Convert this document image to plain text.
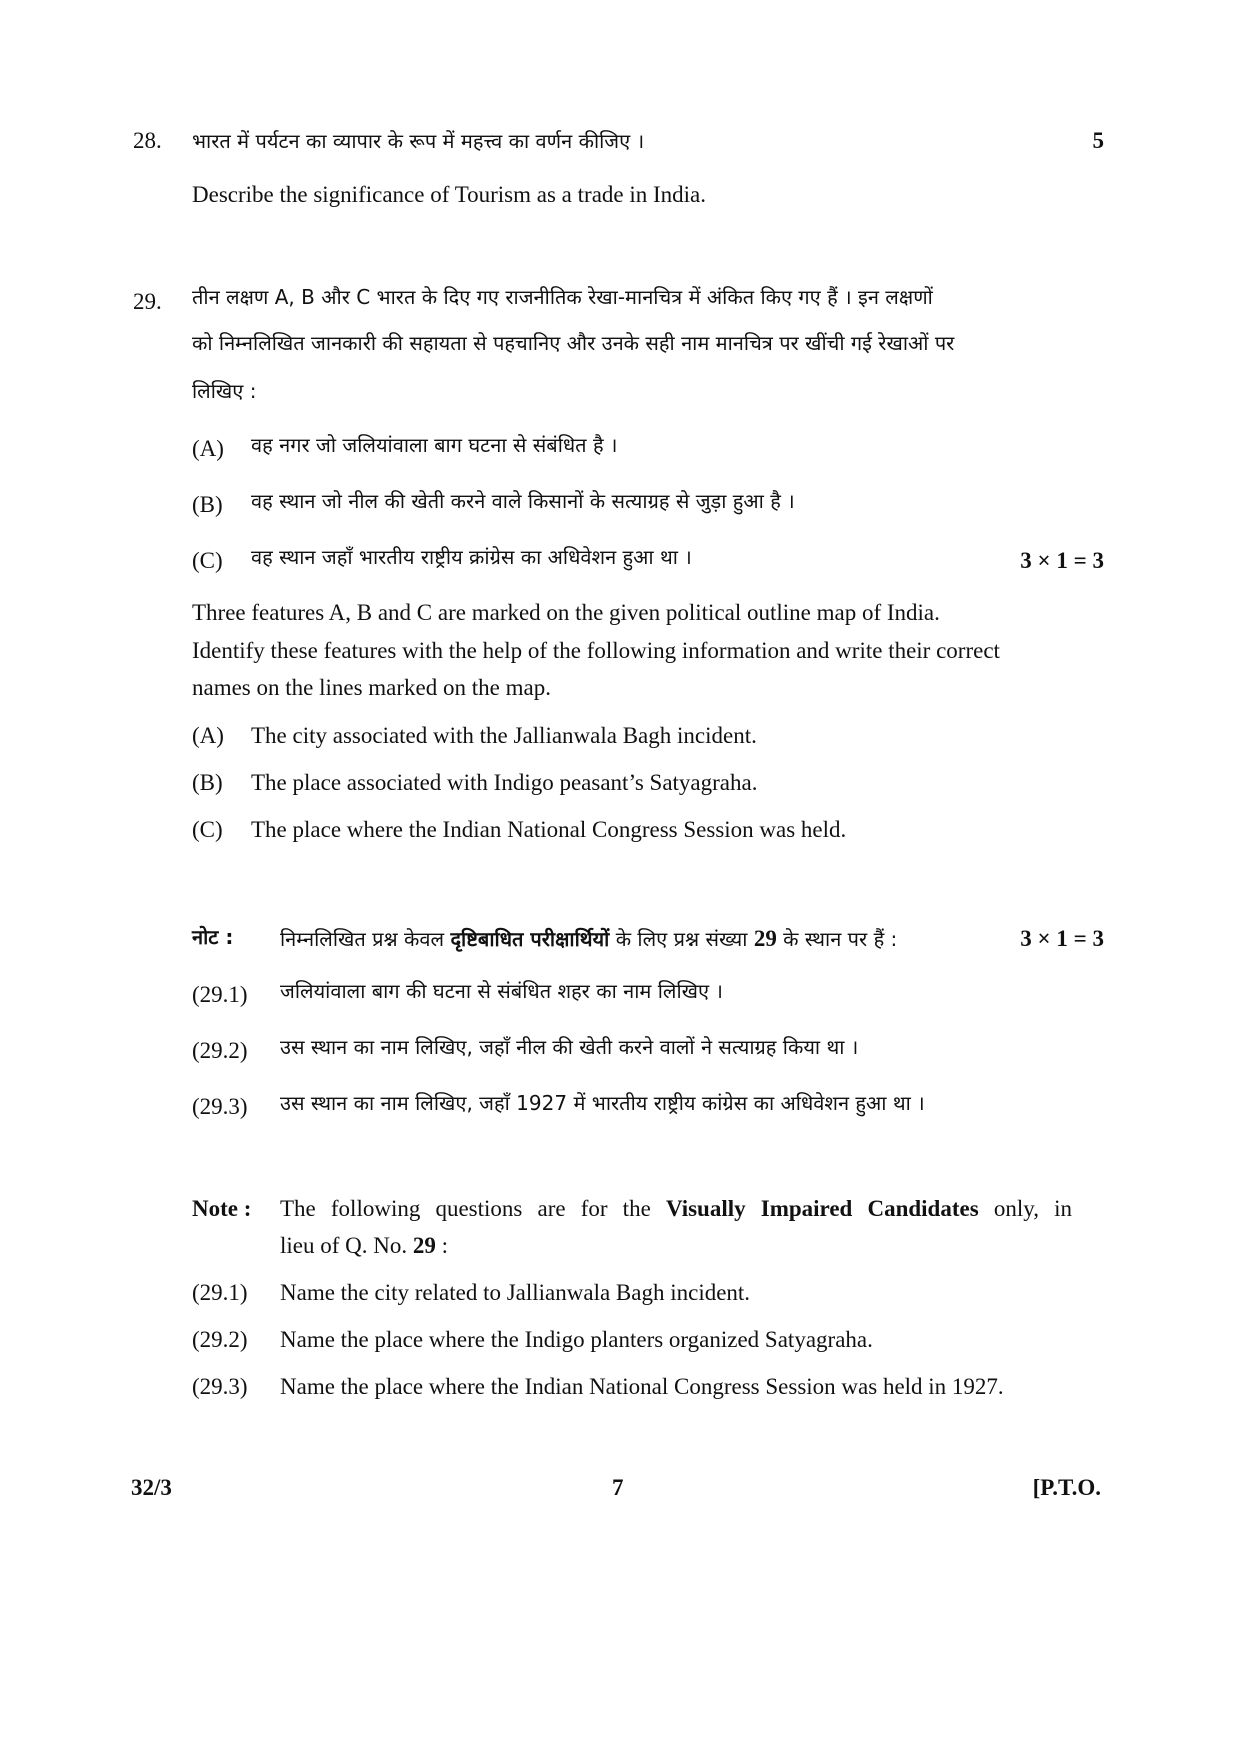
28. भारत में पर्यटन का व्यापार के रूप में महत्त्व का वर्णन कीजिए ।	5
Describe the significance of Tourism as a trade in India.
29. तीन लक्षण A, B और C भारत के दिए गए राजनीतिक रेखा-मानचित्र में अंकित किए गए हैं । इन लक्षणों
को निम्नलिखित जानकारी की सहायता से पहचानिए और उनके सही नाम मानचित्र पर खींची गई रेखाओं पर
लिखिए :
(A) वह नगर जो जलियांवाला बाग घटना से संबंधित है ।
(B) वह स्थान जो नील की खेती करने वाले किसानों के सत्याग्रह से जुड़ा हुआ है ।
(C) वह स्थान जहाँ भारतीय राष्ट्रीय क्रांग्रेस का अधिवेशन हुआ था ।	3 × 1 = 3
Three features A, B and C are marked on the given political outline map of India.
Identify these features with the help of the following information and write their correct
names on the lines marked on the map.
(A) The city associated with the Jallianwala Bagh incident.
(B) The place associated with Indigo peasant’s Satyagraha.
(C) The place where the Indian National Congress Session was held.
नोट : निम्नलिखित प्रश्न केवल दृष्टिबाधित परीक्षार्थियों के लिए प्रश्न संख्या 29 के स्थान पर हैं :	3 × 1 = 3
(29.1) जलियांवाला बाग की घटना से संबंधित शहर का नाम लिखिए ।
(29.2) उस स्थान का नाम लिखिए, जहाँ नील की खेती करने वालों ने सत्याग्रह किया था ।
(29.3) उस स्थान का नाम लिखिए, जहाँ 1927 में भारतीय राष्ट्रीय कांग्रेस का अधिवेशन हुआ था ।
Note : The following questions are for the Visually Impaired Candidates only, in
lieu of Q. No. 29 :
(29.1) Name the city related to Jallianwala Bagh incident.
(29.2) Name the place where the Indigo planters organized Satyagraha.
(29.3) Name the place where the Indian National Congress Session was held in 1927.
32/3	7	[P.T.O.
